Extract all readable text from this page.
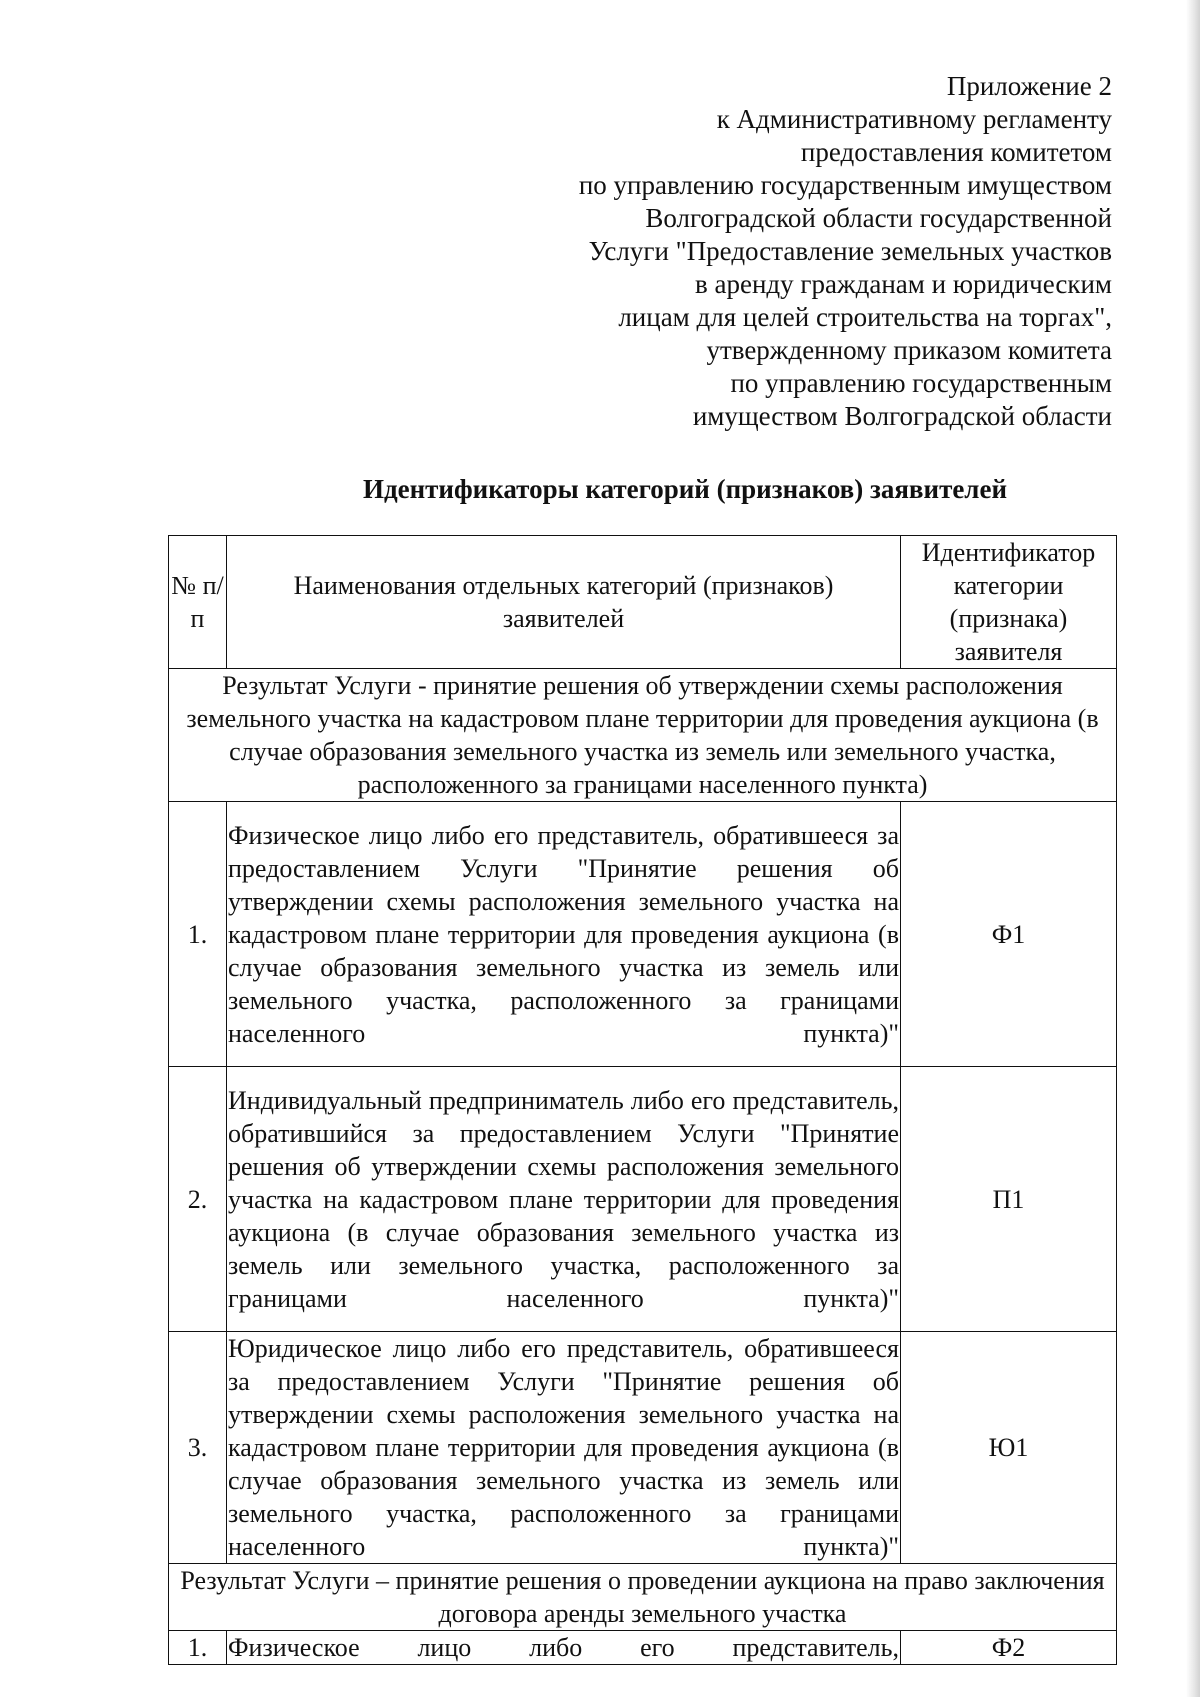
Приложение 2
к Административному регламенту
предоставления комитетом
по управлению государственным имуществом
Волгоградской области государственной
Услуги "Предоставление земельных участков
в аренду гражданам и юридическим
лицам для целей строительства на торгах",
утвержденному приказом комитета
по управлению государственным
имуществом Волгоградской области
Идентификаторы категорий (признаков) заявителей
№ п/п	Наименования отдельных категорий (признаков) заявителей	Идентификатор категории (признака) заявителя
Результат Услуги - принятие решения об утверждении схемы расположения земельного участка на кадастровом плане территории для проведения аукциона (в случае образования земельного участка из земель или земельного участка, расположенного за границами населенного пункта)		
1.	Физическое лицо либо его представитель, обратившееся за предоставлением Услуги "Принятие решения об утверждении схемы расположения земельного участка на кадастровом плане территории для проведения аукциона (в случае образования земельного участка из земель или земельного участка, расположенного за границами населенного пункта)"	Ф1
2.	Индивидуальный предприниматель либо его представитель, обратившийся за предоставлением Услуги "Принятие решения об утверждении схемы расположения земельного участка на кадастровом плане территории для проведения аукциона (в случае образования земельного участка из земель или земельного участка, расположенного за границами населенного пункта)"	П1
3.	Юридическое лицо либо его представитель, обратившееся за предоставлением Услуги "Принятие решения об утверждении схемы расположения земельного участка на кадастровом плане территории для проведения аукциона (в случае образования земельного участка из земель или земельного участка, расположенного за границами населенного пункта)"	Ю1
Результат Услуги – принятие решения о проведении аукциона на право заключения договора аренды земельного участка		
1.	Физическое лицо либо его представитель,	Ф2
